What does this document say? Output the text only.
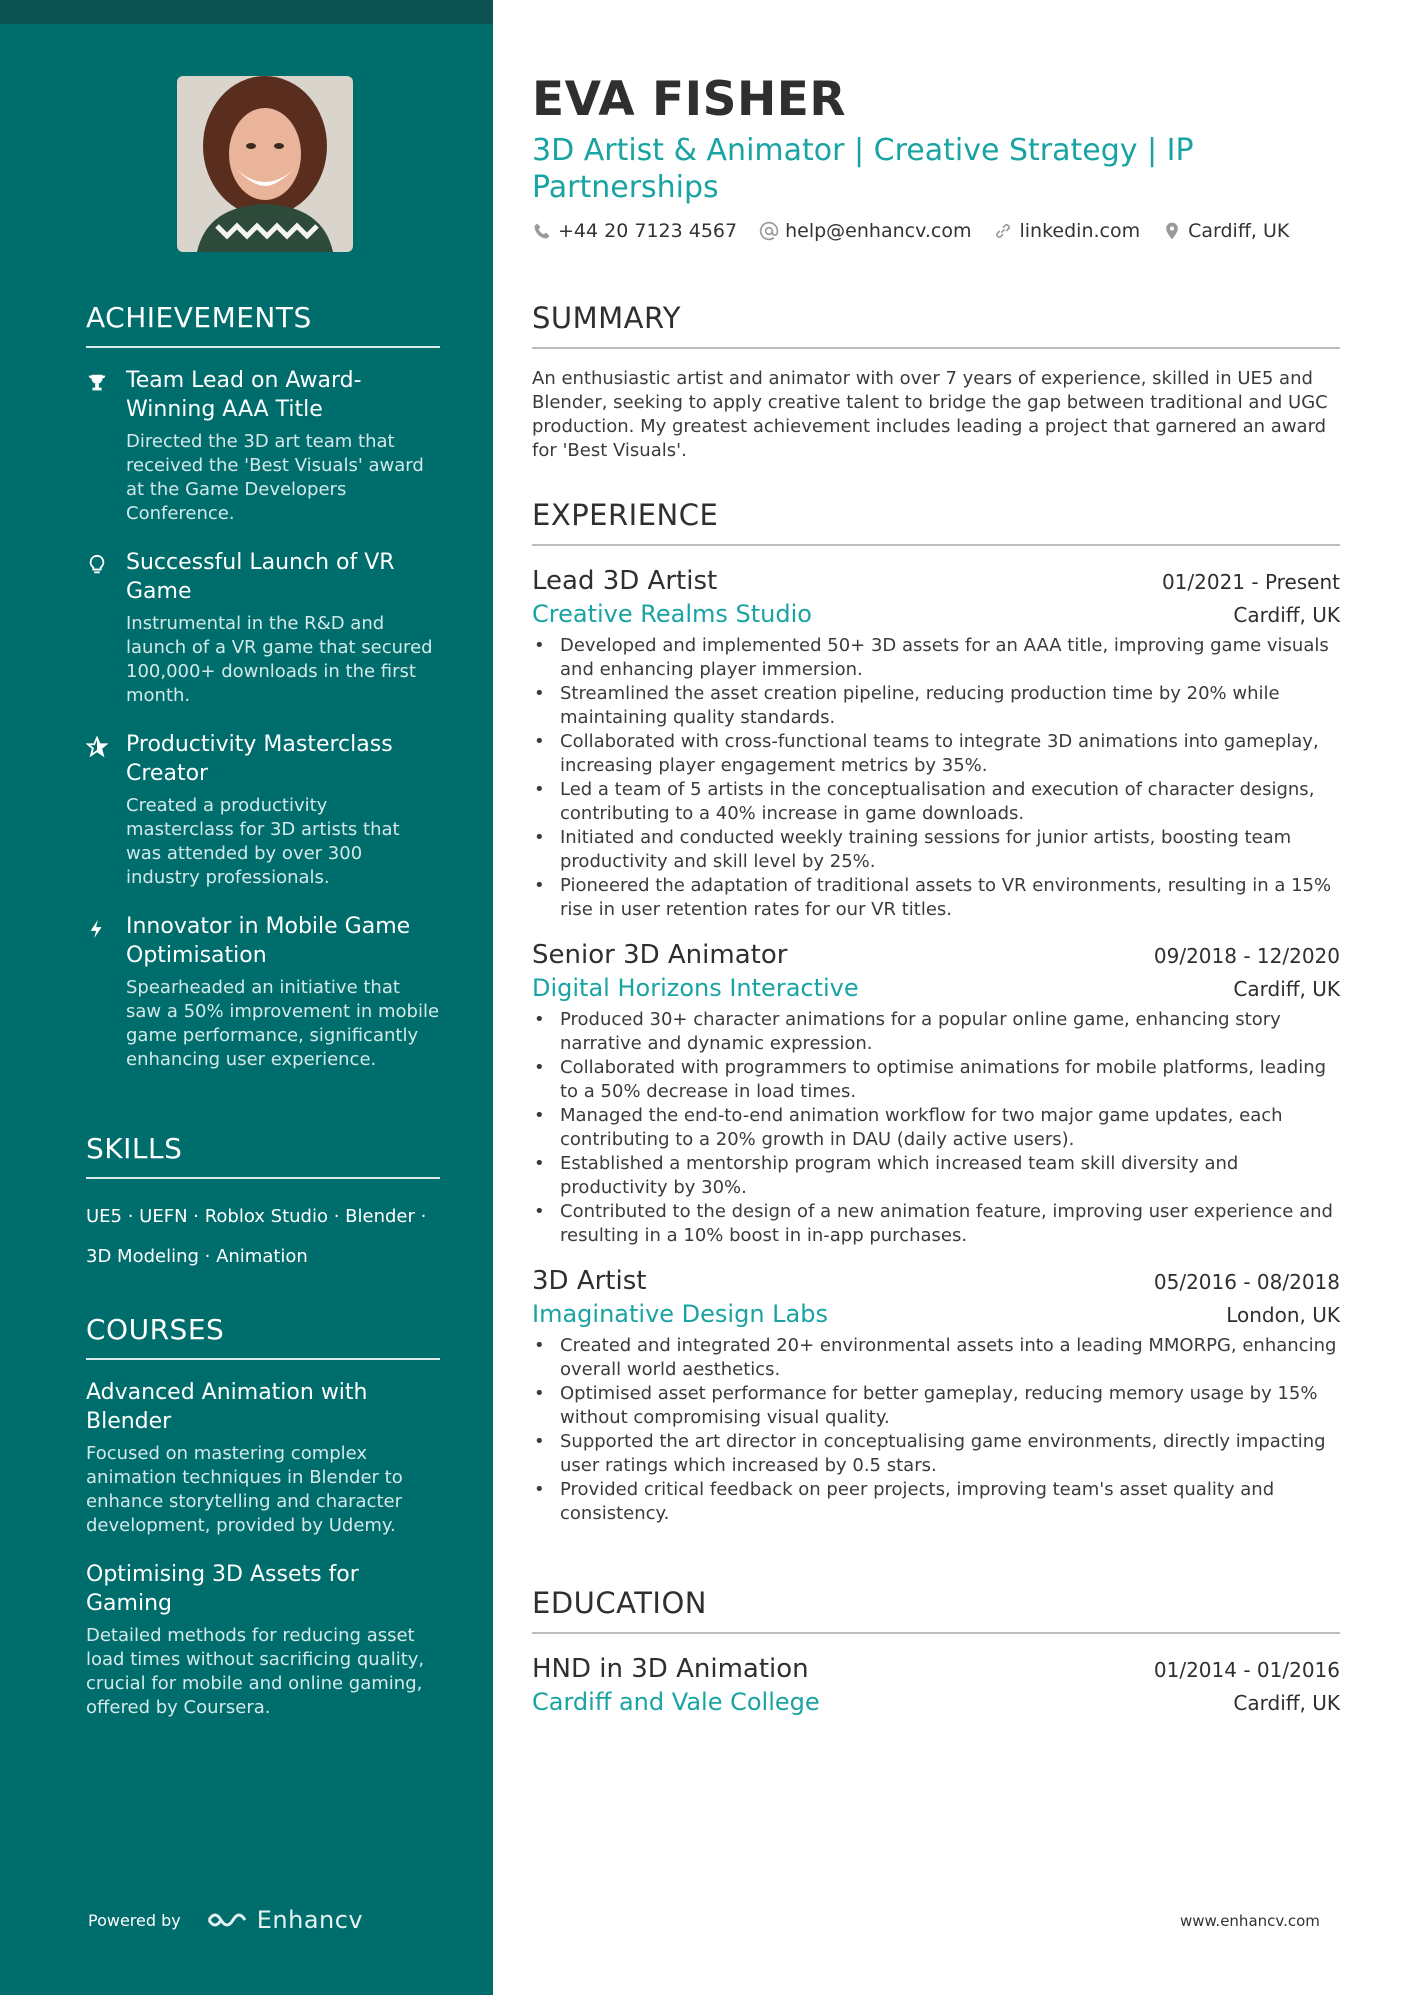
ACHIEVEMENTS
Team Lead on Award-Winning AAA Title
Directed the 3D art team that received the 'Best Visuals' award at the Game Developers Conference.
Successful Launch of VR Game
Instrumental in the R&D and launch of a VR game that secured 100,000+ downloads in the first month.
Productivity Masterclass Creator
Created a productivity masterclass for 3D artists that was attended by over 300 industry professionals.
Innovator in Mobile Game Optimisation
Spearheaded an initiative that saw a 50% improvement in mobile game performance, significantly enhancing user experience.
SKILLS
UE5 · UEFN · Roblox Studio · Blender ·
3D Modeling · Animation
COURSES
Advanced Animation with Blender
Focused on mastering complex animation techniques in Blender to enhance storytelling and character development, provided by Udemy.
Optimising 3D Assets for Gaming
Detailed methods for reducing asset load times without sacrificing quality, crucial for mobile and online gaming, offered by Coursera.
Powered by	Enhancv
EVA FISHER
3D Artist & Animator | Creative Strategy | IP Partnerships
+44 20 7123 4567	help@enhancv.com	linkedin.com	Cardiff, UK
SUMMARY
An enthusiastic artist and animator with over 7 years of experience, skilled in UE5 and Blender, seeking to apply creative talent to bridge the gap between traditional and UGC production. My greatest achievement includes leading a project that garnered an award for 'Best Visuals'.
EXPERIENCE
Lead 3D Artist	01/2021 - Present
Creative Realms Studio	Cardiff, UK
• Developed and implemented 50+ 3D assets for an AAA title, improving game visuals and enhancing player immersion.
• Streamlined the asset creation pipeline, reducing production time by 20% while maintaining quality standards.
• Collaborated with cross-functional teams to integrate 3D animations into gameplay, increasing player engagement metrics by 35%.
• Led a team of 5 artists in the conceptualisation and execution of character designs, contributing to a 40% increase in game downloads.
• Initiated and conducted weekly training sessions for junior artists, boosting team productivity and skill level by 25%.
• Pioneered the adaptation of traditional assets to VR environments, resulting in a 15% rise in user retention rates for our VR titles.
Senior 3D Animator	09/2018 - 12/2020
Digital Horizons Interactive	Cardiff, UK
• Produced 30+ character animations for a popular online game, enhancing story narrative and dynamic expression.
• Collaborated with programmers to optimise animations for mobile platforms, leading to a 50% decrease in load times.
• Managed the end-to-end animation workflow for two major game updates, each contributing to a 20% growth in DAU (daily active users).
• Established a mentorship program which increased team skill diversity and productivity by 30%.
• Contributed to the design of a new animation feature, improving user experience and resulting in a 10% boost in in-app purchases.
3D Artist	05/2016 - 08/2018
Imaginative Design Labs	London, UK
• Created and integrated 20+ environmental assets into a leading MMORPG, enhancing overall world aesthetics.
• Optimised asset performance for better gameplay, reducing memory usage by 15% without compromising visual quality.
• Supported the art director in conceptualising game environments, directly impacting user ratings which increased by 0.5 stars.
• Provided critical feedback on peer projects, improving team's asset quality and consistency.
EDUCATION
HND in 3D Animation	01/2014 - 01/2016
Cardiff and Vale College	Cardiff, UK
www.enhancv.com
